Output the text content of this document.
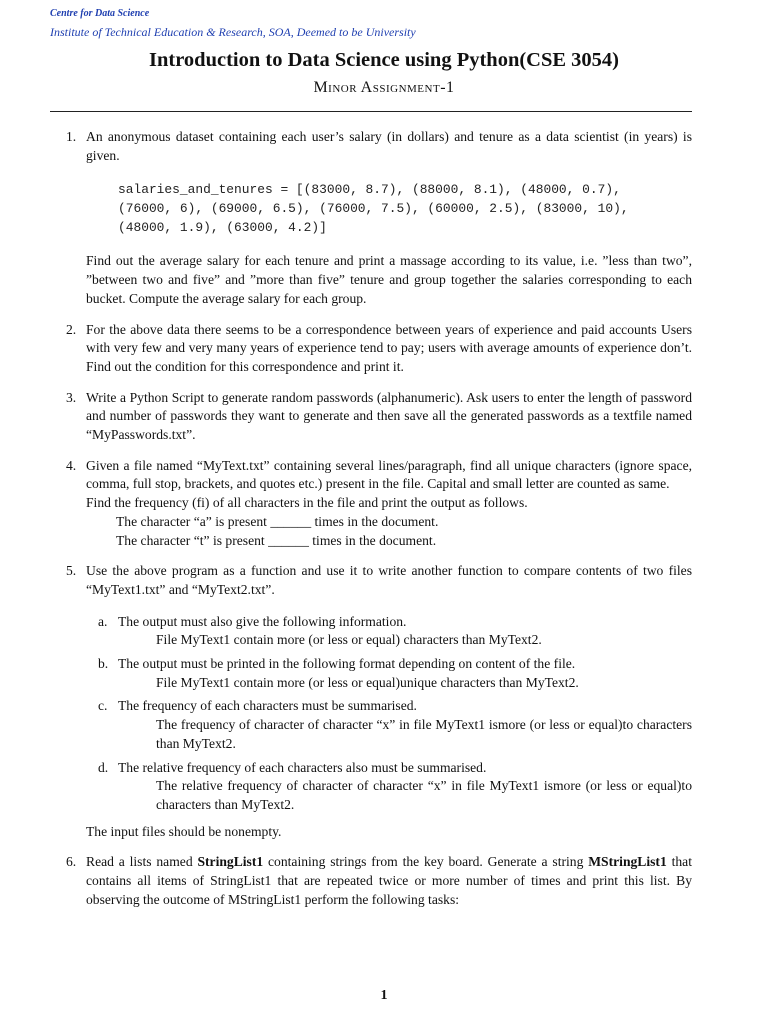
Centre for Data Science
Institute of Technical Education & Research, SOA, Deemed to be University
Introduction to Data Science using Python(CSE 3054)
Minor Assignment-1
1. An anonymous dataset containing each user’s salary (in dollars) and tenure as a data scientist (in years) is given.
salaries_and_tenures = [(83000, 8.7), (88000, 8.1), (48000, 0.7),
(76000, 6), (69000, 6.5), (76000, 7.5), (60000, 2.5), (83000, 10),
(48000, 1.9), (63000, 4.2)]
Find out the average salary for each tenure and print a massage according to its value, i.e. ”less than two”, ”between two and five” and ”more than five” tenure and group together the salaries corresponding to each bucket. Compute the average salary for each group.
2. For the above data there seems to be a correspondence between years of experience and paid accounts Users with very few and very many years of experience tend to pay; users with average amounts of experience don’t. Find out the condition for this correspondence and print it.
3. Write a Python Script to generate random passwords (alphanumeric). Ask users to enter the length of password and number of passwords they want to generate and then save all the generated passwords as a textfile named “MyPasswords.txt”.
4. Given a file named “MyText.txt” containing several lines/paragraph, find all unique characters (ignore space, comma, full stop, brackets, and quotes etc.) present in the file. Capital and small letter are counted as same.
Find the frequency (fi) of all characters in the file and print the output as follows.
The character “a” is present ______ times in the document.
The character “t” is present ______ times in the document.
5. Use the above program as a function and use it to write another function to compare contents of two files “MyText1.txt” and “MyText2.txt”.
a. The output must also give the following information.
File MyText1 contain more (or less or equal) characters than MyText2.
b. The output must be printed in the following format depending on content of the file.
File MyText1 contain more (or less or equal)unique characters than MyText2.
c. The frequency of each characters must be summarised.
The frequency of character of character “x” in file MyText1 ismore (or less or equal)to characters than MyText2.
d. The relative frequency of each characters also must be summarised.
The relative frequency of character of character “x” in file MyText1 ismore (or less or equal)to characters than MyText2.
The input files should be nonempty.
6. Read a lists named StringList1 containing strings from the key board. Generate a string MStringList1 that contains all items of StringList1 that are repeated twice or more number of times and print this list. By observing the outcome of MStringList1 perform the following tasks:
1
